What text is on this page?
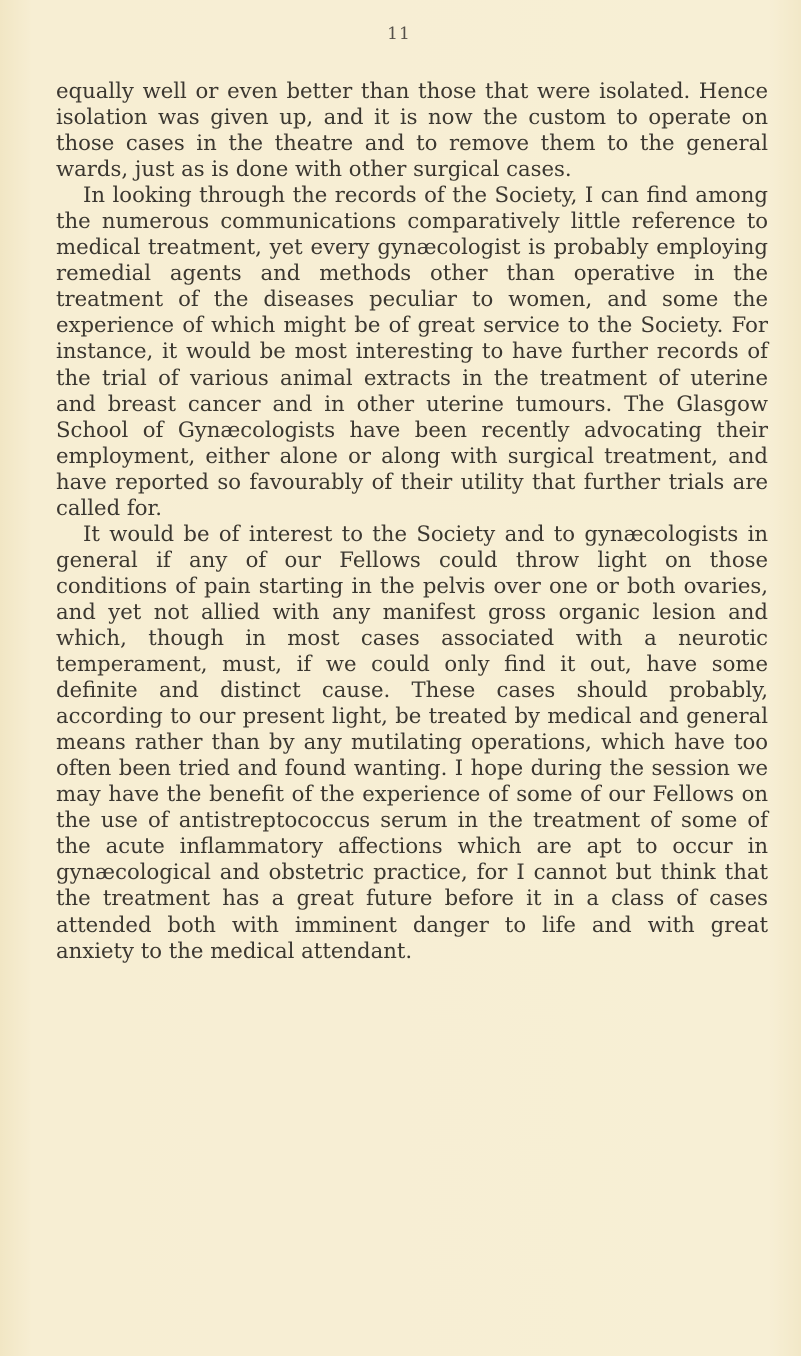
11

equally well or even better than those that were isolated. Hence isolation was given up, and it is now the custom to operate on those cases in the theatre and to remove them to the general wards, just as is done with other surgical cases.

In looking through the records of the Society, I can find among the numerous communications comparatively little reference to medical treatment, yet every gynæcologist is probably employing remedial agents and methods other than operative in the treatment of the diseases peculiar to women, and some the experience of which might be of great service to the Society. For instance, it would be most interesting to have further records of the trial of various animal extracts in the treatment of uterine and breast cancer and in other uterine tumours. The Glasgow School of Gynæcologists have been recently advocating their employment, either alone or along with surgical treatment, and have reported so favourably of their utility that further trials are called for.

It would be of interest to the Society and to gynæcologists in general if any of our Fellows could throw light on those conditions of pain starting in the pelvis over one or both ovaries, and yet not allied with any manifest gross organic lesion and which, though in most cases associated with a neurotic temperament, must, if we could only find it out, have some definite and distinct cause. These cases should probably, according to our present light, be treated by medical and general means rather than by any mutilating operations, which have too often been tried and found wanting. I hope during the session we may have the benefit of the experience of some of our Fellows on the use of antistreptococcus serum in the treatment of some of the acute inflammatory affections which are apt to occur in gynæcological and obstetric practice, for I cannot but think that the treatment has a great future before it in a class of cases attended both with imminent danger to life and with great anxiety to the medical attendant.
